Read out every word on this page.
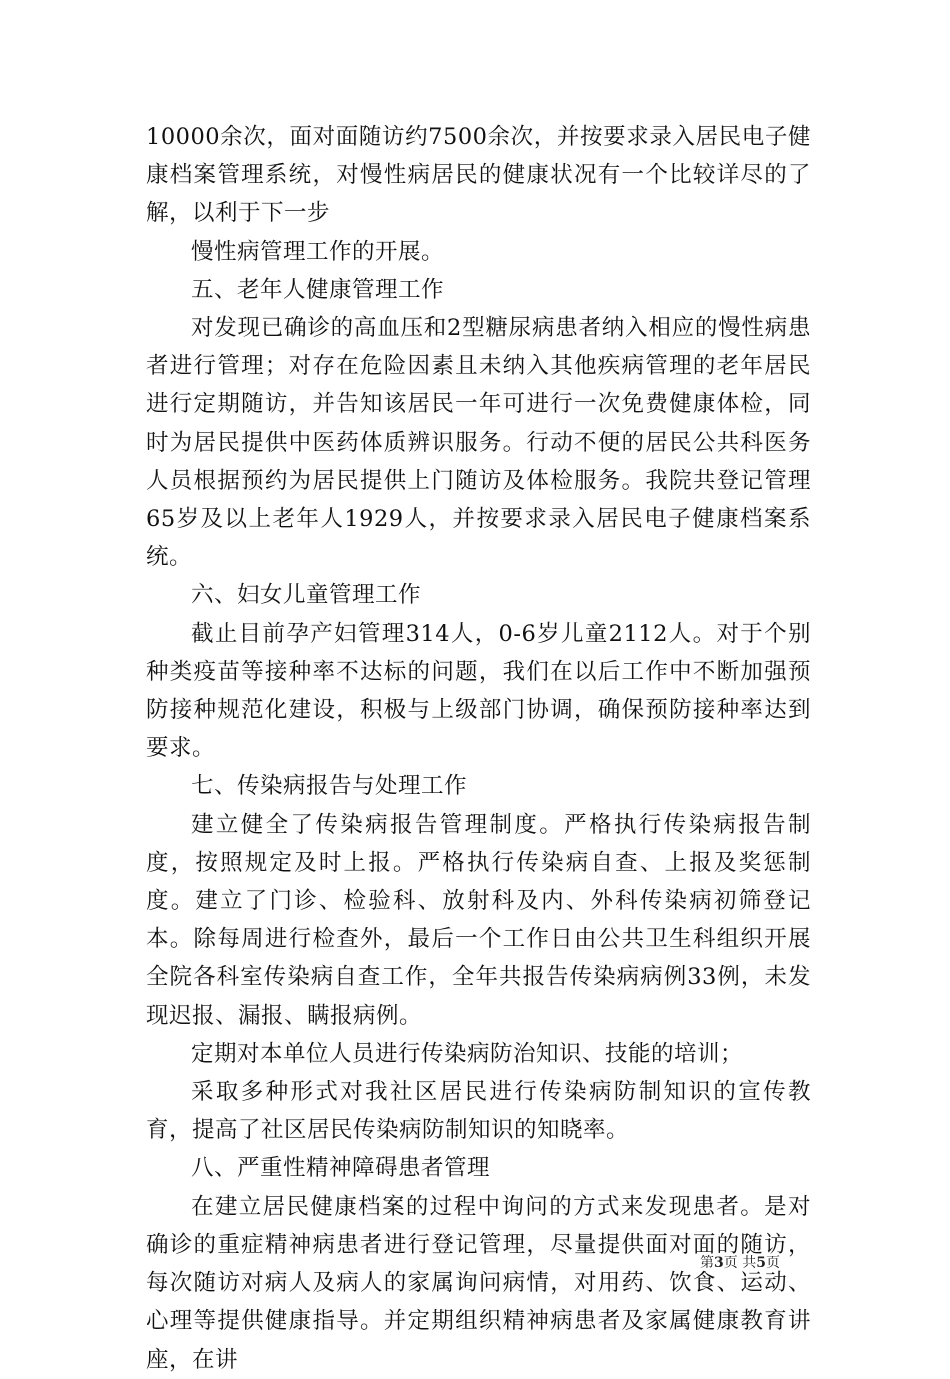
10000余次，面对面随访约7500余次，并按要求录入居民电子健康档案管理系统，对慢性病居民的健康状况有一个比较详尽的了解，以利于下一步

慢性病管理工作的开展。

五、老年人健康管理工作

对发现已确诊的高血压和2型糖尿病患者纳入相应的慢性病患者进行管理；对存在危险因素且未纳入其他疾病管理的老年居民进行定期随访，并告知该居民一年可进行一次免费健康体检，同时为居民提供中医药体质辨识服务。行动不便的居民公共科医务人员根据预约为居民提供上门随访及体检服务。我院共登记管理65岁及以上老年人1929人，并按要求录入居民电子健康档案系统。

六、妇女儿童管理工作

截止目前孕产妇管理314人，0-6岁儿童2112人。对于个别种类疫苗等接种率不达标的问题，我们在以后工作中不断加强预防接种规范化建设，积极与上级部门协调，确保预防接种率达到要求。

七、传染病报告与处理工作

建立健全了传染病报告管理制度。严格执行传染病报告制度，按照规定及时上报。严格执行传染病自查、上报及奖惩制度。建立了门诊、检验科、放射科及内、外科传染病初筛登记本。除每周进行检查外，最后一个工作日由公共卫生科组织开展全院各科室传染病自查工作，全年共报告传染病病例33例，未发现迟报、漏报、瞒报病例。

定期对本单位人员进行传染病防治知识、技能的培训；

采取多种形式对我社区居民进行传染病防制知识的宣传教育，提高了社区居民传染病防制知识的知晓率。

八、严重性精神障碍患者管理

在建立居民健康档案的过程中询问的方式来发现患者。是对确诊的重症精神病患者进行登记管理，尽量提供面对面的随访，每次随访对病人及病人的家属询问病情，对用药、饮食、运动、心理等提供健康指导。并定期组织精神病患者及家属健康教育讲座，在讲

第3页 共5页
